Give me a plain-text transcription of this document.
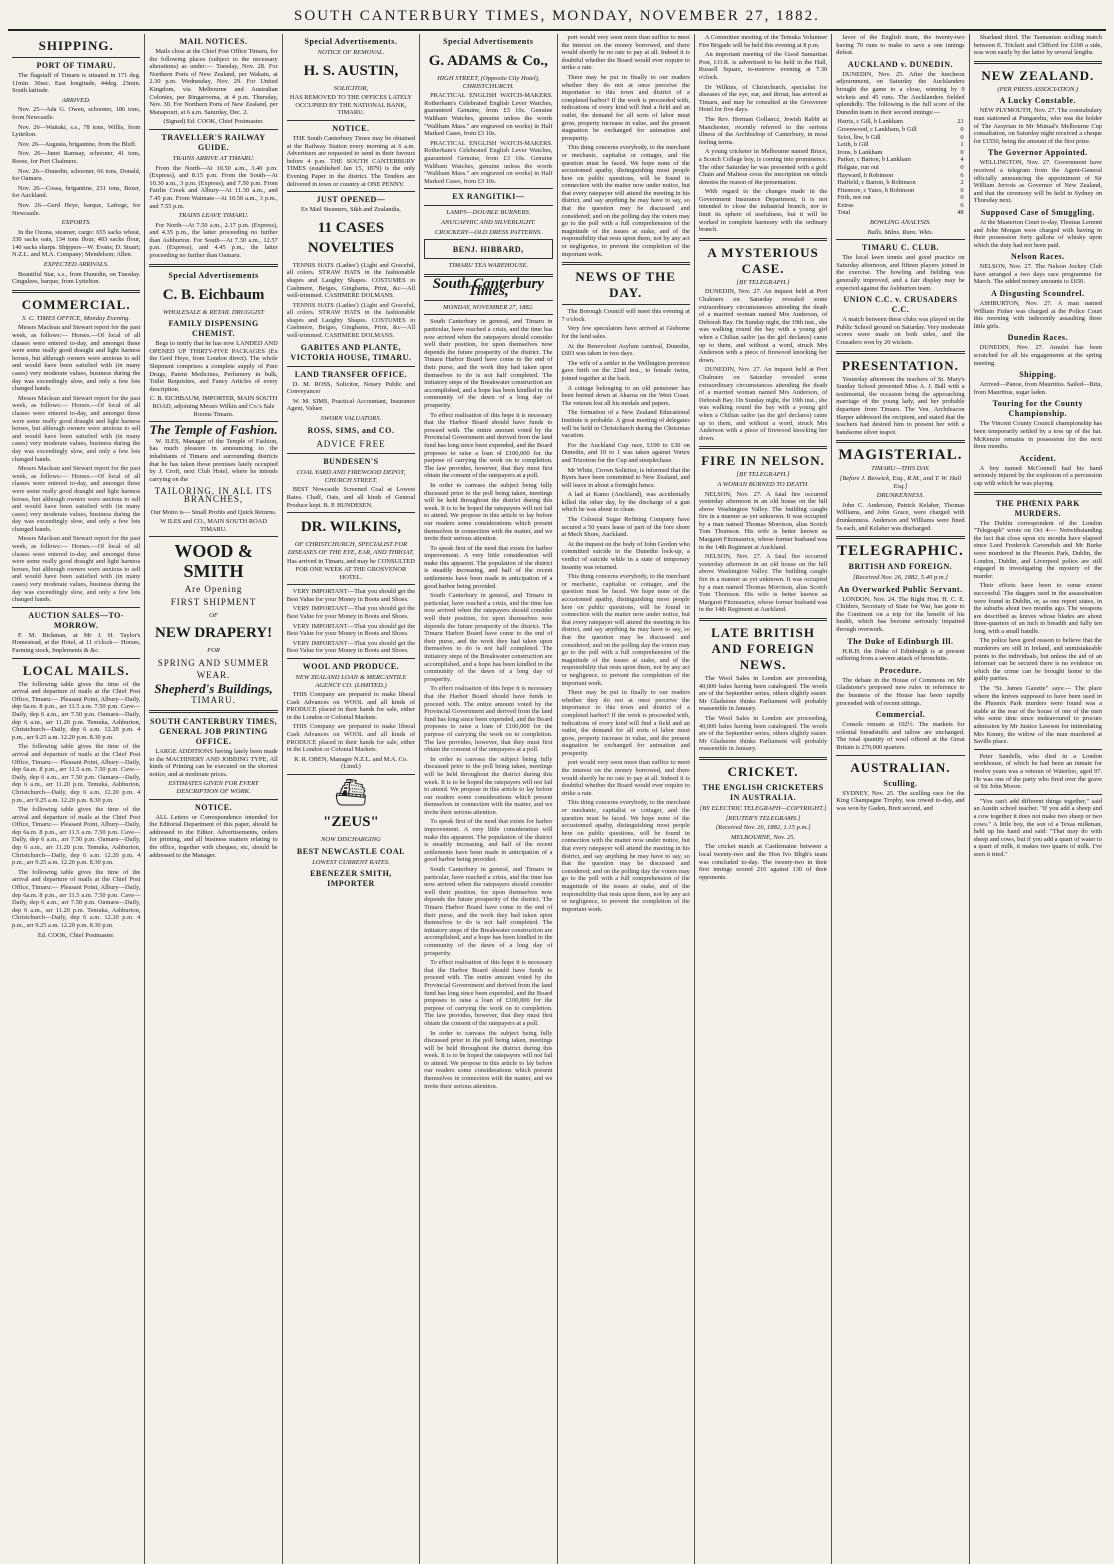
SOUTH CANTERBURY TIMES, MONDAY, NOVEMBER 27, 1882.
SHIPPING.
PORT OF TIMARU.

The flagstaff of Timaru is situated in 171 deg. 11min. 30sec. East longitude, 44deg. 23min. South latitude.

ARRIVED.

Nov. 25—Ada G. Owen, schooner, 186 tons, from Newcastle.

Nov. 26—Waitaki, s.s., 78 tons, Willis, from Lyttelton.

Nov. 26—Augusta, brigantine, from the Bluff.

Nov. 26—Janet Ramsay, schooner, 41 tons, Reese, for Port Chalmers.

Nov. 26—Dunedin, schooner, 66 tons, Donald, for Oamaru.

Nov. 26—Cossa, brigantine, 231 tons, Bezer, for Auckland.

Nov. 26—Gerd Heye, barque, Lafrege, for Newcastle.

EXPORTS.

In the Ozona, steamer, cargo: 655 sacks wheat, 330 sacks oats, 134 tons flour, 403 sacks flour, 140 sacks sharps. Shippers—W. Evans; D. Stuart; N.Z.L. and M.A. Company; Mendelson; Allen.

EXPECTED ARRIVALS.

Beautiful Star, s.s., from Dunedin, on Tuesday. Cingulees, barque, from Lyttelton.

COMMERCIAL.
S. C. TIMES OFFICE, Monday Evening.

Messrs Maclean and Stewart report for the past week, as follows:— Horses.—Of local of all classes were entered to-day, and amongst these were some really good draught and light harness horses, but although owners were anxious to sell and would have been satisfied with (in many cases) very moderate values, business during the day was exceedingly slow, and only a few lots changed hands.

Messrs Maclean and Stewart report for the past week, as follows:— Horses.—Of local of all classes were entered to-day, and amongst these were some really good draught and light harness horses, but although owners were anxious to sell and would have been satisfied with (in many cases) very moderate values, business during the day was exceedingly slow, and only a few lots changed hands.

Messrs Maclean and Stewart report for the past week, as follows:— Horses.—Of local of all classes were entered to-day, and amongst these were some really good draught and light harness horses, but although owners were anxious to sell and would have been satisfied with (in many cases) very moderate values, business during the day was exceedingly slow, and only a few lots changed hands.

Messrs Maclean and Stewart report for the past week, as follows:— Horses.—Of local of all classes were entered to-day, and amongst these were some really good draught and light harness horses, but although owners were anxious to sell and would have been satisfied with (in many cases) very moderate values, business during the day was exceedingly slow, and only a few lots changed hands.

AUCTION SALES—TO-MORROW.

F. M. Bickman, at Mr J. H. Taylor's Homestead, at the Hotel, at 11 o'clock— Horses, Farming stock, Implements & &c.

LOCAL MAILS.

The following table gives the time of the arrival and departure of mails at the Chief Post Office, Timaru:— Pleasant Point, Albury—Daily, dep 6a.m. 8 p.m., arr 11.5 a.m. 7.50 p.m. Cave—Daily, dep 6 a.m., arr 7.50 p.m. Oamaru—Daily, dep 6 a.m., arr 11.20 p.m. Temuka, Ashburton, Christchurch—Daily, dep 6 a.m. 12.20 p.m. 4 p.m., arr 9.25 a.m. 12.20 p.m. 8.30 p.m.

The following table gives the time of the arrival and departure of mails at the Chief Post Office, Timaru:— Pleasant Point, Albury—Daily, dep 6a.m. 8 p.m., arr 11.5 a.m. 7.50 p.m. Cave—Daily, dep 6 a.m., arr 7.50 p.m. Oamaru—Daily, dep 6 a.m., arr 11.20 p.m. Temuka, Ashburton, Christchurch—Daily, dep 6 a.m. 12.20 p.m. 4 p.m., arr 9.25 a.m. 12.20 p.m. 8.30 p.m.

The following table gives the time of the arrival and departure of mails at the Chief Post Office, Timaru:— Pleasant Point, Albury—Daily, dep 6a.m. 8 p.m., arr 11.5 a.m. 7.50 p.m. Cave—Daily, dep 6 a.m., arr 7.50 p.m. Oamaru—Daily, dep 6 a.m., arr 11.20 p.m. Temuka, Ashburton, Christchurch—Daily, dep 6 a.m. 12.20 p.m. 4 p.m., arr 9.25 a.m. 12.20 p.m. 8.30 p.m.

The following table gives the time of the arrival and departure of mails at the Chief Post Office, Timaru:— Pleasant Point, Albury—Daily, dep 6a.m. 8 p.m., arr 11.5 a.m. 7.50 p.m. Cave—Daily, dep 6 a.m., arr 7.50 p.m. Oamaru—Daily, dep 6 a.m., arr 11.20 p.m. Temuka, Ashburton, Christchurch—Daily, dep 6 a.m. 12.20 p.m. 4 p.m., arr 9.25 a.m. 12.20 p.m. 8.30 p.m.

Ed. COOK, Chief Postmaster.

MAIL NOTICES.

Mails close at the Chief Post Office Timaru, for the following places (subject to the necessary alterations) as under:— Tuesday, Nov. 28. For Northern Ports of New Zealand, per Wakatu, at 2.30 p.m. Wednesday, Nov. 29. For United Kingdom, via Melbourne and Australian Colonies, per Ringarooma, at 4 p.m. Thursday, Nov. 30. For Northern Ports of New Zealand, per Manapouri, at 6 a.m. Saturday, Dec. 2.

(Signed) Ed. COOK, Chief Postmaster.

TRAVELLER'S RAILWAY GUIDE.
TRAINS ARRIVE AT TIMARU.

From the North—At 10.50 a.m., 3.40 p.m. (Express), and 8.15 p.m. From the South—At 10.30 a.m., 3 p.m. (Express), and 7.50 p.m. From Fairlie Creek and Albury—At 11.30 a.m., and 7.45 p.m. From Waimate—At 10.50 a.m., 3 p.m., and 7.55 p.m.

TRAINS LEAVE TIMARU.

For North—At 7.50 a.m., 2.17 p.m. (Express), and 4.35 p.m., the latter proceeding no further than Ashburton. For South—At 7.30 a.m., 12.57 p.m. (Express), and 4.45 p.m., the latter proceeding no further than Oamaru.

Special Advertisements
C. B. Eichbaum
WHOLESALE & RETAIL DRUGGIST
FAMILY DISPENSING CHEMIST.

Begs to notify that he has now LANDED AND OPENED UP THIRTY-FIVE PACKAGES (Ex the Gerd Heye, from London direct). The whole Shipment comprises a complete supply of Pure Drugs, Patent Medicines, Perfumery in bulk, Toilet Requisites, and Fancy Articles of every description.

C. B. EICHBAUM, IMPORTER, MAIN SOUTH ROAD, adjoining Messrs Wilkin and Co.'s Sale Rooms Timaru.

The Temple of Fashion.

W. ILES, Manager of the Temple of Fashion, has much pleasure in announcing to the inhabitants of Timaru and surrounding districts that he has taken those premises lately occupied by J. Croft, next Club Hotel, where he intends carrying on the

TAILORING, IN ALL ITS BRANCHES,

Our Motto is— Small Profits and Quick Returns.

W ILES and CO., MAIN SOUTH ROAD TIMARU.

WOOD & SMITH
Are Opening
FIRST SHIPMENT
OF
NEW DRAPERY!
FOR
SPRING AND SUMMER
WEAR.
Shepherd's Buildings,
TIMARU.
SOUTH CANTERBURY TIMES, GENERAL JOB PRINTING OFFICE.

LARGE ADDITIONS having lately been made to the MACHINERY AND JOBBING TYPE, All kinds of Printing can be executed on the shortest notice, and at moderate prices.

ESTIMATES GIVEN FOR EVERY DESCRIPTION OF WORK.
NOTICE.

ALL Letters or Correspondence intended for the Editorial Department of this paper, should be addressed to the Editor. Advertisements, orders for printing, and all business matters relating to the office, together with cheques, etc, should be addressed to the Manager.

Special Advertisements.
NOTICE OF REMOVAL.
H. S. AUSTIN,
SOLICITOR,

HAS REMOVED TO THE OFFICES LATELY OCCUPIED BY THE NATIONAL BANK, TIMARU.

NOTICE.

THE South Canterbury Times may be obtained at the Railway Station every morning at 6 a.m. Advertisers are requested to send in their favours before 4 p.m. THE SOUTH CANTERBURY TIMES (established Jan 15, 1879) is the only Evening Paper in the district. The Tenders are delivered in town or country at ONE PENNY.

JUST OPENED—

Ex Mail Steamers, Sikh and Zealandia,

11 CASES NOVELTIES

TENNIS HATS (Ladies') (Light and Graceful, all colors. STRAW HATS in the fashionable shapes and Laughty Shapes. COSTUMES in Cashmere, Beiges, Ginghams, Print, &c—All well-trimmed. CASHMERE DOLMANS.

TENNIS HATS (Ladies') (Light and Graceful, all colors. STRAW HATS in the fashionable shapes and Laughty Shapes. COSTUMES in Cashmere, Beiges, Ginghams, Print, &c—All well-trimmed. CASHMERE DOLMANS.

GABITES AND PLANTE, VICTORIA HOUSE, TIMARU.
LAND TRANSFER OFFICE.

D. M. ROSS, Solicitor, Notary Public and Conveyancer

W. M. SIMS, Practical Accountant, Insurance Agent, Valuer.

SWORN VALUATORS.
ROSS, SIMS, and CO.
ADVICE FREE
BUNDESEN'S
COAL YARD AND FIREWOOD DEPOT, CHURCH STREET.

BEST Newcastle Screened Coal at Lowest Rates. Chaff, Oats, and all kinds of General Produce kept. B. P. BUNDESEN.

DR. WILKINS,
OF CHRISTCHURCH, SPECIALIST FOR DISEASES OF THE EYE, EAR, AND THROAT,

Has arrived in Timaru, and may be CONSULTED FOR ONE WEEK AT THE GROSVENOR HOTEL.

VERY IMPORTANT—That you should get the Best Value for your Money in Boots and Shoes.

VERY IMPORTANT—That you should get the Best Value for your Money in Boots and Shoes.

VERY IMPORTANT—That you should get the Best Value for your Money in Boots and Shoes.

VERY IMPORTANT—That you should get the Best Value for your Money in Boots and Shoes.

WOOL AND PRODUCE.
NEW ZEALAND LOAN & MERCANTILE AGENCY CO. (LIMITED.)

THIS Company are prepared to make liberal Cash Advances on WOOL and all kinds of PRODUCE placed in their hands for sale, either in the London or Colonial Markets.

THIS Company are prepared to make liberal Cash Advances on WOOL and all kinds of PRODUCE placed in their hands for sale, either in the London or Colonial Markets.

R. R. OBEN, Manager N.Z.L. and M.A. Co. (Limd.)

⛴
"ZEUS"
NOW DISCHARGING
BEST NEWCASTLE COAL
LOWEST CURRENT RATES.
EBENEZER SMITH, IMPORTER
Special Advertisements
G. ADAMS & Co.,
HIGH STREET, (Opposite City Hotel), CHRISTCHURCH.

PRACTICAL ENGLISH WATCH-MAKERS. Rotherham's Celebrated English Lever Watches, guaranteed Genuine, from £3 10s. Genuine Waltham Watches, genuine unless the words "Waltham Mass." are engraved on works) in Half Marked Cases, from £3 10s.

PRACTICAL ENGLISH WATCH-MAKERS. Rotherham's Celebrated English Lever Watches, guaranteed Genuine, from £3 10s. Genuine Waltham Watches, genuine unless the words "Waltham Mass." are engraved on works) in Half Marked Cases, from £3 10s.

EX RANGITIKI—
LAMPS—DOUBLE BURNERS.
ANUCAPHIC AND SILVERLIGHT.
CROCKERY—OLD DRESS PATTERNS.
BENJ. HIBBARD,
TIMARU TEA WAREHOUSE.
South Canterbury Times,
MONDAY, NOVEMBER 27, 1882.

South Canterbury in general, and Timaru in particular, have reached a crisis, and the time has now arrived when the ratepayers should consider well their position, for upon themselves now depends the future prosperity of the district. The Timaru Harbor Board have come to the end of their purse, and the work they had taken upon themselves to do is not half completed. The initiatory steps of the Breakwater construction are accomplished, and a hope has been kindled in the community of the dawn of a long day of prosperity.

To effect realisation of this hope it is necessary that the Harbor Board should have funds to proceed with. The entire amount voted by the Provincial Government and derived from the land fund has long since been expended, and the Board proposes to raise a loan of £100,000 for the purpose of carrying the work on to completion. The law provides, however, that they must first obtain the consent of the ratepayers at a poll.

In order to canvass the subject being fully discussed prior to the poll being taken, meetings will be held throughout the district during this week. It is to be hoped the ratepayers will not fail to attend. We propose in this article to lay before our readers some considerations which present themselves in connection with the matter, and we invite their serious attention.

To speak first of the need that exists for harbor improvement. A very little consideration will make this apparent. The population of the district is steadily increasing, and half of the recent settlements have been made in anticipation of a good harbor being provided.

South Canterbury in general, and Timaru in particular, have reached a crisis, and the time has now arrived when the ratepayers should consider well their position, for upon themselves now depends the future prosperity of the district. The Timaru Harbor Board have come to the end of their purse, and the work they had taken upon themselves to do is not half completed. The initiatory steps of the Breakwater construction are accomplished, and a hope has been kindled in the community of the dawn of a long day of prosperity.

To effect realisation of this hope it is necessary that the Harbor Board should have funds to proceed with. The entire amount voted by the Provincial Government and derived from the land fund has long since been expended, and the Board proposes to raise a loan of £100,000 for the purpose of carrying the work on to completion. The law provides, however, that they must first obtain the consent of the ratepayers at a poll.

In order to canvass the subject being fully discussed prior to the poll being taken, meetings will be held throughout the district during this week. It is to be hoped the ratepayers will not fail to attend. We propose in this article to lay before our readers some considerations which present themselves in connection with the matter, and we invite their serious attention.

To speak first of the need that exists for harbor improvement. A very little consideration will make this apparent. The population of the district is steadily increasing, and half of the recent settlements have been made in anticipation of a good harbor being provided.

South Canterbury in general, and Timaru in particular, have reached a crisis, and the time has now arrived when the ratepayers should consider well their position, for upon themselves now depends the future prosperity of the district. The Timaru Harbor Board have come to the end of their purse, and the work they had taken upon themselves to do is not half completed. The initiatory steps of the Breakwater construction are accomplished, and a hope has been kindled in the community of the dawn of a long day of prosperity.

To effect realisation of this hope it is necessary that the Harbor Board should have funds to proceed with. The entire amount voted by the Provincial Government and derived from the land fund has long since been expended, and the Board proposes to raise a loan of £100,000 for the purpose of carrying the work on to completion. The law provides, however, that they must first obtain the consent of the ratepayers at a poll.

In order to canvass the subject being fully discussed prior to the poll being taken, meetings will be held throughout the district during this week. It is to be hoped the ratepayers will not fail to attend. We propose in this article to lay before our readers some considerations which present themselves in connection with the matter, and we invite their serious attention.

port would very soon more than suffice to meet the interest on the money borrowed, and there would shortly be no rate to pay at all. Indeed it is doubtful whether the Board would ever require to strike a rate.

There may be put in finally to our readers whether they do not at once perceive the importance to this town and district of a completed harbor? If the work is proceeded with, indications of every kind will find a field and an outlet, the demand for all sorts of labor must grow, property increase in value, and the present stagnation be exchanged for animation and prosperity.

This thing concerns everybody, to the merchant or mechanic, capitalist or cottager, and the question must be faced. We hope none of the accustomed apathy, distinguishing most people here on public questions, will be found in connection with the matter now under notice, but that every ratepayer will attend the meeting in his district, and say anything he may have to say, so that the question may be discussed and considered; and on the polling day the voters may go to the poll with a full comprehension of the magnitude of the issues at stake, and of the responsibility that rests upon them, not by any act or negligence, to prevent the completion of the important work.

NEWS OF THE DAY.

The Borough Council will meet this evening at 7 o'clock.

Very few speculators have arrived at Gisborne for the land sales.

At the Benevolent Asylum carnival, Dunedin, £603 was taken in two days.

The wife of a settler in the Wellington province gave birth on the 22nd inst., to female twins, joined together at the back.

A cottage belonging to an old pensioner has been burned down at Akaroa on the West Coast. The veteran lost all his medals and papers.

The formation of a New Zealand Educational Institute is probable. A great meeting of delegates will be held in Christchurch during the Christmas vacation.

For the Auckland Cup race, £100 to £30 on Dunedin, and 10 to 1 was taken against Vortex and Trizotron for the Cup and steeplechase.

Mr White, Crown Solicitor, is informed that the Byers have been committed to New Zealand, and will leave in about a fortnight hence.

A lad at Kamo (Auckland), was accidentally killed the other day, by the discharge of a gun which he was about to clean.

The Colonial Sugar Refining Company have secured a 50 years lease of part of the fore shore at Mech Shore, Auckland.

At the inquest on the body of John Gordon who committed suicide in the Dunedin lock-up, a verdict of suicide while in a state of temporary insanity was returned.

This thing concerns everybody, to the merchant or mechanic, capitalist or cottager, and the question must be faced. We hope none of the accustomed apathy, distinguishing most people here on public questions, will be found in connection with the matter now under notice, but that every ratepayer will attend the meeting in his district, and say anything he may have to say, so that the question may be discussed and considered; and on the polling day the voters may go to the poll with a full comprehension of the magnitude of the issues at stake, and of the responsibility that rests upon them, not by any act or negligence, to prevent the completion of the important work.

There may be put in finally to our readers whether they do not at once perceive the importance to this town and district of a completed harbor? If the work is proceeded with, indications of every kind will find a field and an outlet, the demand for all sorts of labor must grow, property increase in value, and the present stagnation be exchanged for animation and prosperity.

port would very soon more than suffice to meet the interest on the money borrowed, and there would shortly be no rate to pay at all. Indeed it is doubtful whether the Board would ever require to strike a rate.

This thing concerns everybody, to the merchant or mechanic, capitalist or cottager, and the question must be faced. We hope none of the accustomed apathy, distinguishing most people here on public questions, will be found in connection with the matter now under notice, but that every ratepayer will attend the meeting in his district, and say anything he may have to say, so that the question may be discussed and considered; and on the polling day the voters may go to the poll with a full comprehension of the magnitude of the issues at stake, and of the responsibility that rests upon them, not by any act or negligence, to prevent the completion of the important work.

A Committee meeting of the Temuka Volunteer Fire Brigade will be held this evening at 8 p.m.

An important meeting of the Good Samaritan Post, I.O.R. is advertised to be held in the Hall, Russell Square, to-morrow evening at 7.30 o'clock.

Dr Wilkins, of Christchurch, specialist for diseases of the eye, ear, and throat, has arrived at Timaru, and may be consulted at the Grosvenor Hotel for five days.

The Rev. Herman Gollancz, Jewish Rabbi at Manchester, recently referred to the serious illness of the Archbishop of Canterbury, in most feeling terms.

A young cricketer in Melbourne named Bruce, a Scotch College boy, is coming into prominence. The other Saturday he was presented with a gold Chain and Maltese cross the inscription on which denotes the reason of the presentation.

With regard to the changes made in the Government Insurance Department, it is not intended to close the industrial branch, nor to limit its sphere of usefulness, but it will be worked in complete harmony with the ordinary branch.

A MYSTERIOUS CASE.
[BY TELEGRAPH.]

DUNEDIN, Nov. 27. An inquest held at Port Chalmers on Saturday revealed some extraordinary circumstances attending the death of a married woman named Mrs Anderson, of Deborah Bay. On Sunday night, the 19th inst., she was walking round the bay with a young girl when a Chilian sailor (as the girl declares) came up to them, and without a word, struck Mrs Anderson with a piece of firewood knocking her down.

DUNEDIN, Nov. 27. An inquest held at Port Chalmers on Saturday revealed some extraordinary circumstances attending the death of a married woman named Mrs Anderson, of Deborah Bay. On Sunday night, the 19th inst., she was walking round the bay with a young girl when a Chilian sailor (as the girl declares) came up to them, and without a word, struck Mrs Anderson with a piece of firewood knocking her down.

FIRE IN NELSON.
[BY TELEGRAPH.]
A WOMAN BURNED TO DEATH.

NELSON, Nov. 27. A fatal fire occurred yesterday afternoon in an old house on the hill above Washington Valley. The building caught fire in a manner as yet unknown. It was occupied by a man named Thomas Morrison, alias Scotch Tom Thomson. His wife is better known as Margaret Fitzmaurice, whose former husband was in the 14th Regiment at Auckland.

NELSON, Nov. 27. A fatal fire occurred yesterday afternoon in an old house on the hill above Washington Valley. The building caught fire in a manner as yet unknown. It was occupied by a man named Thomas Morrison, alias Scotch Tom Thomson. His wife is better known as Margaret Fitzmaurice, whose former husband was in the 14th Regiment at Auckland.

LATE BRITISH AND FOREIGN NEWS.

The Wool Sales in London are proceeding, 40,000 bales having been catalogued. The wools are of the September series, others slightly easier. Mr Gladstone thinks Parliament will probably reassemble in January.

The Wool Sales in London are proceeding, 40,000 bales having been catalogued. The wools are of the September series, others slightly easier. Mr Gladstone thinks Parliament will probably reassemble in January.

CRICKET.
THE ENGLISH CRICKETERS IN AUSTRALIA.
[BY ELECTRIC TELEGRAPH—COPYRIGHT.]
[REUTER'S TELEGRAMS.]
[Received Nov. 26, 1882, 1.15 p.m.]
MELBOURNE, Nov. 25.

The cricket match at Castlemaine between a local twenty-two and the Hon Ivo Bligh's team was concluded to-day. The twenty-two in their first innings scored 216 against 130 of their opponents.

favor of the English team, the twenty-two having 70 runs to make to save a one innings defeat.

AUCKLAND v. DUNEDIN.

DUNEDIN, Nov. 25. After the luncheon adjournment, on Saturday the Aucklanders brought the game to a close, winning by 9 wickets and 45 runs. The Aucklanders fielded splendidly. The following is the full score of the Dunedin team in their second innings:—

Harris, c Gill, b Lankham	23
Greenwood, c Lankham, b Gill	0
Sciot, lbw, b Gill	0
Leith, b Gill	1
Irons, b Lankham	0
Parker, c Barton, b Lankham	4
Holgate, run out	0
Hayward, b Robinson	6
Hatfield, c Barton, b Robinson	2
Fitzmore, c Yates, b Robinson	0
Frith, not out	0
Extras	6
Total	48
BOWLING ANALYSIS.
Balls. Mdns. Runs. Wkts.
TIMARU C. CLUB.

The local lawn tennis and good practice on Saturday afternoon, and fifteen players joined in the exercise. The bowling and fielding was generally improved, and a fair display may be expected against the Ashburton team.

UNION C.C. v. CRUSADERS C.C.

A match between these clubs was played on the Public School ground on Saturday. Very moderate scores were made on both sides, and the Crusaders won by 20 wickets.

PRESENTATION.

Yesterday afternoon the teachers of St. Mary's Sunday School presented Miss A. J. Ball with a testimonial, the occasion being the approaching marriage of the young lady, and her probable departure from Timaru. The Ven. Archdeacon Harper addressed the recipient, and stated that the teachers had desired him to present her with a handsome silver teapot.

MAGISTERIAL.
TIMARU—THIS DAY.
[Before J. Beswick, Esq., R.M., and T. W. Hall Esq.]
DRUNKENNESS.

John C. Anderson, Patrick Kelaher, Thomas Williams, and John Grace, were charged with drunkenness. Anderson and Williams were fined 5s each, and Kelaher was discharged.

TELEGRAPHIC.
BRITISH AND FOREIGN.
[Received Nov. 26, 1882, 5.40 p.m.]
An Overworked Public Servant.

LONDON, Nov. 24. The Right Hon. H. C. E. Childers, Secretary of State for War, has gone to the Continent on a trip for the benefit of his health, which has become seriously impaired through overwork.

The Duke of Edinburgh Ill.

H.R.H. the Duke of Edinburgh is at present suffering from a severe attack of bronchitis.

Procedure.

The debate in the House of Commons on Mr Gladstone's proposed new rules in reference to the business of the House has been rapidly proceeded with of recent sittings.

Commercial.

Consols remain at 102½. The markets for colonial breadstuffs and tallow are unchanged. The total quantity of wool offered at the Great Britain is 270,000 quarters.

AUSTRALIAN.
Sculling.

SYDNEY, Nov. 25. The sculling race for the King Champagne Trophy, was rowed to-day, and was won by Gaden, Brett second, and

Sharland third. The Tasmanian sculling match between E. Trickett and Clifford for £100 a side, was won easily by the latter by several lengths.

NEW ZEALAND.
(PER PRESS ASSOCIATION.)
A Lucky Constable.

NEW PLYMOUTH, Nov. 27. The constabulary man stationed at Pungarehu, who was the holder of The Assyrian in Mr Mutual's Melbourne Cup consultation, on Saturday night received a cheque for £1550, being the amount of the first prize.

The Governor Appointed.

WELLINGTON, Nov. 27. Government have received a telegram from the Agent-General officially announcing the appointment of Sir William Jervois as Governor of New Zealand, and that the ceremony will be held in Sydney on Thursday next.

Supposed Case of Smuggling.

At the Masterton Court to-day, Thomas Lemont and John Morgan were charged with having in their possession forty gallons of whisky upon which the duty had not been paid.

Nelson Races.

NELSON, Nov. 27. The Nelson Jockey Club have arranged a two days race programme for March. The added money amounts to £650.

A Disgusting Scoundrel.

ASHBURTON, Nov. 27. A man named William Fisher was charged at the Police Court this morning with indecently assaulting three little girls.

Dunedin Races.

DUNEDIN, Nov. 27. Amulet has been scratched for all his engagements at the spring meeting.

Shipping.

Arrived—Panoe, from Mauritius. Sailed—Bitu, from Mauritius, sugar laden.

Touring for the County Championship.

The Vincent County Council championship has been temporarily settled by a toss up of the hat. McKenzie remains in possession for the next three months.

Accident.

A boy named McConnell had his hand seriously injured by the explosion of a percussion cap with which he was playing.

THE PHŒNIX PARK MURDERS.

The Dublin correspondent of the London "Telegraph" wrote on Oct 4:— Notwithstanding the fact that close upon six months have elapsed since Lord Frederick Cavendish and Mr Burke were murdered in the Phoenix Park, Dublin, the London, Dublin, and Liverpool police are still engaged in investigating the mystery of the murder.

Their efforts have been to some extent successful. The daggers used in the assassination were found in Dublin, or, as one report states, in the suburbs about two months ago. The weapons are described as knives whose blades are about three-quarters of an inch in breadth and fully ten long, with a small handle.

The police have good reason to believe that the murderers are still in Ireland, and unmistakeable points to the individuals, but unless the aid of an informer can be secured there is no evidence on which the crime can be brought home to the guilty parties.

The "St. James Gazette" says:— The place where the knives supposed to have been used in the Phoenix Park murders were found was a stable at the rear of the house of one of the men who some time since endeavoured to procure admission by Mr Justice Lawson for intimidating Mrs Kenny, the widow of the man murdered at Saville place.

Peter Sandells, who died in a London workhouse, of which he had been an inmate for twelve years was a veteran of Waterloo, aged 97. He was one of the party who fired over the grave of Sir John Moore.

"You can't add different things together," said an Austin school teacher. "If you add a sheep and a cow together it does not make two sheep or two cows." A little boy, the son of a Texas milkman, held up his hand and said: "That may do with sheep and cows, but if you add a quart of water to a quart of milk, it makes two quarts of milk. I've seen it tried."
